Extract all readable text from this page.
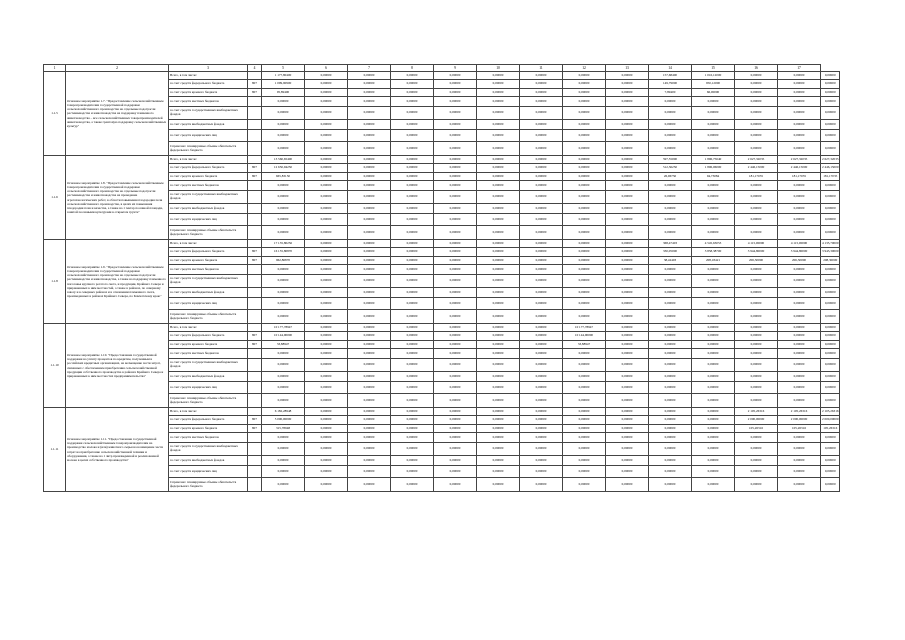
1	2	3	4	5	6	7	8	9	10	11	12	13	14	15	16	17	
1.1.5	Основное мероприятие 1.7. "Предоставление сельскохозяйственным товаропроизводителям государственной поддержки сельскохозяйственного производства на отдельные подотрасли растениеводства и животноводства на поддержку племенного животноводства – все сельскохозяйственных товаропроизводителей животноводства, а также грантовую поддержку сельскохозяйственных культур"	Всего, в том числе:		1 177,80400	0,00000	0,00000	0,00000	0,00000	0,00000	0,00000	0,00000	0,00000	157,68400	1 016,12000	0,00000	0,00000	0,00000
		за счет средств федерального бюджета	807	1 099,90900	0,00000	0,00000	0,00000	0,00000	0,00000	0,00000	0,00000	0,00000	149,79000	950,12000	0,00000	0,00000	0,00000
		за счет средств краевого бюджета	807	95,89400	0,00000	0,00000	0,00000	0,00000	0,00000	0,00000	0,00000	0,00000	7,89400	66,00000	0,00000	0,00000	0,00000
		за счет средств местных бюджетов		0,00000	0,00000	0,00000	0,00000	0,00000	0,00000	0,00000	0,00000	0,00000	0,00000	0,00000	0,00000	0,00000	0,00000
		за счет средств государственных внебюджетных фондов		0,00000	0,00000	0,00000	0,00000	0,00000	0,00000	0,00000	0,00000	0,00000	0,00000	0,00000	0,00000	0,00000	0,00000
		за счет средств внебюджетных фондов		0,00000	0,00000	0,00000	0,00000	0,00000	0,00000	0,00000	0,00000	0,00000	0,00000	0,00000	0,00000	0,00000	0,00000
		за счет средств юридических лиц		0,00000	0,00000	0,00000	0,00000	0,00000	0,00000	0,00000	0,00000	0,00000	0,00000	0,00000	0,00000	0,00000	0,00000
		Справочно: планируемые объемы обязательств федерального бюджета		0,00000	0,00000	0,00000	0,00000	0,00000	0,00000	0,00000	0,00000	0,00000	0,00000	0,00000	0,00000	0,00000	0,00000
1.1.6	Основное мероприятие 1.8. "Предоставление сельскохозяйственным товаропроизводителям государственной поддержки сельскохозяйственного производства на отдельные подотрасли растениеводства и животноводства на проведение агротехнологических работ, в области повышения плодородия почв сельскохозяйственного производства, в целях их повышения плодородия почв и качества, а также на 1 гектар посевной площади, занятой посевными культурами в открытом грунте"	Всего, в том числе:		13 560,65400	0,00000	0,00000	0,00000	0,00000	0,00000	0,00000	0,00000	0,00000	597,55000	1 896,75640	2 627,32035	2 627,32035	2 627,32035
		за счет средств федерального бюджета	807	12 650,94250	0,00000	0,00000	0,00000	0,00000	0,00000	0,00000	0,00000	0,00000	512,36250	1 806,06000	2 446,15000	2 446,15000	2 446,15000
		за счет средств краевого бюджета	807	665,83150	0,00000	0,00000	0,00000	0,00000	0,00000	0,00000	0,00000	0,00000	26,96750	94,73084	181,17035	181,17035	181,17035
		за счет средств местных бюджетов		0,00000	0,00000	0,00000	0,00000	0,00000	0,00000	0,00000	0,00000	0,00000	0,00000	0,00000	0,00000	0,00000	0,00000
		за счет средств государственных внебюджетных фондов		0,00000	0,00000	0,00000	0,00000	0,00000	0,00000	0,00000	0,00000	0,00000	0,00000	0,00000	0,00000	0,00000	0,00000
		за счет средств внебюджетных фондов		0,00000	0,00000	0,00000	0,00000	0,00000	0,00000	0,00000	0,00000	0,00000	0,00000	0,00000	0,00000	0,00000	0,00000
		за счет средств юридических лиц		0,00000	0,00000	0,00000	0,00000	0,00000	0,00000	0,00000	0,00000	0,00000	0,00000	0,00000	0,00000	0,00000	0,00000
		Справочно: планируемые объемы обязательств федерального бюджета		0,00000	0,00000	0,00000	0,00000	0,00000	0,00000	0,00000	0,00000	0,00000	0,00000	0,00000	0,00000	0,00000	0,00000
1.1.8	Основное мероприятие 1.9. "Предоставление сельскохозяйственным товаропроизводителям государственной поддержки сельскохозяйственного производства на отдельные подотрасли растениеводства и животноводства, а также на поддержку племенного поголовья крупного рогатого скота, и продукции, Крайнего Севера и приравненных к ним местностей, а также в районах, по северному завозу и в северных районах и в отношении племенного скота, произведенных в районах Крайнего Севера, по Камчатскому краю"	Всего, в том числе:		17 135,80256	0,00000	0,00000	0,00000	0,00000	0,00000	0,00000	0,00000	0,00000	368,47403	4 545,63053	4 115,00000	4 115,00000	4 135,70000
		за счет средств федерального бюджета	807	16 155,80870	0,00000	0,00000	0,00000	0,00000	0,00000	0,00000	0,00000	0,00000	330,05000	3 858,38700	3 944,80000	3 944,80000	3 943,30000
		за счет средств краевого бюджета	807	962,86870	0,00000	0,00000	0,00000	0,00000	0,00000	0,00000	0,00000	0,00000	38,42403	208,18421	206,30000	206,30000	208,30000
		за счет средств местных бюджетов		0,00000	0,00000	0,00000	0,00000	0,00000	0,00000	0,00000	0,00000	0,00000	0,00000	0,00000	0,00000	0,00000	0,00000
		за счет средств государственных внебюджетных фондов		0,00000	0,00000	0,00000	0,00000	0,00000	0,00000	0,00000	0,00000	0,00000	0,00000	0,00000	0,00000	0,00000	0,00000
		за счет средств внебюджетных фондов		0,00000	0,00000	0,00000	0,00000	0,00000	0,00000	0,00000	0,00000	0,00000	0,00000	0,00000	0,00000	0,00000	0,00000
		за счет средств юридических лиц		0,00000	0,00000	0,00000	0,00000	0,00000	0,00000	0,00000	0,00000	0,00000	0,00000	0,00000	0,00000	0,00000	0,00000
		Справочно: планируемые объемы обязательств федерального бюджета		0,00000	0,00000	0,00000	0,00000	0,00000	0,00000	0,00000	0,00000	0,00000	0,00000	0,00000	0,00000	0,00000	0,00000
1.1.10	Основное мероприятие 1.10. "Предоставление государственной поддержки на уплату процентов по кредитам, полученным в российских кредитных организациях, на возмещение части затрат, связанных с обеспечением приобретения сельскохозяйственной продукции собственного производства в районах Крайнего Севера и приравненных к ним местностях предпринимательства"	Всего, в том числе:		10 177,78947	0,00000	0,00000	0,00000	0,00000	0,00000	0,00000	10 177,78947	0,00000	0,00000	0,00000	0,00000	0,00000	0,00000
		за счет средств федерального бюджета	807	10 144,90000	0,00000	0,00000	0,00000	0,00000	0,00000	0,00000	10 144,90000	0,00000	0,00000	0,00000	0,00000	0,00000	0,00000
		за счет средств краевого бюджета	807	33,88947	0,00000	0,00000	0,00000	0,00000	0,00000	0,00000	33,88947	0,00000	0,00000	0,00000	0,00000	0,00000	0,00000
		за счет средств местных бюджетов		0,00000	0,00000	0,00000	0,00000	0,00000	0,00000	0,00000	0,00000	0,00000	0,00000	0,00000	0,00000	0,00000	0,00000
		за счет средств государственных внебюджетных фондов		0,00000	0,00000	0,00000	0,00000	0,00000	0,00000	0,00000	0,00000	0,00000	0,00000	0,00000	0,00000	0,00000	0,00000
		за счет средств внебюджетных фондов		0,00000	0,00000	0,00000	0,00000	0,00000	0,00000	0,00000	0,00000	0,00000	0,00000	0,00000	0,00000	0,00000	0,00000
		за счет средств юридических лиц		0,00000	0,00000	0,00000	0,00000	0,00000	0,00000	0,00000	0,00000	0,00000	0,00000	0,00000	0,00000	0,00000	0,00000
		Справочно: планируемые объемы обязательств федерального бюджета		0,00000	0,00000	0,00000	0,00000	0,00000	0,00000	0,00000	0,00000	0,00000	0,00000	0,00000	0,00000	0,00000	0,00000
1.1.11	Основное мероприятие 1.11. "Предоставление государственной поддержки сельскохозяйственным товаропроизводителям на производство молока и (или) животного сырья на возмещение части затрат на приобретение сельскохозяйственной техники и оборудования, а также на 1 литр произведенной и реализованной молока в целях собственного производства"	Всего, в том числе:		6 182,28948	0,00000	0,00000	0,00000	0,00000	0,00000	0,00000	0,00000	0,00000	0,00000	0,00000	2 105,26316	2 105,26316	2 105,26316
		за счет средств федерального бюджета	807	5 000,00000	0,00000	0,00000	0,00000	0,00000	0,00000	0,00000	0,00000	0,00000	0,00000	0,00000	2 000,00000	2 000,00000	2 000,00000
		за счет средств краевого бюджета	807	315,78948	0,00000	0,00000	0,00000	0,00000	0,00000	0,00000	0,00000	0,00000	0,00000	0,00000	105,26316	105,26316	105,26316
		за счет средств местных бюджетов		0,00000	0,00000	0,00000	0,00000	0,00000	0,00000	0,00000	0,00000	0,00000	0,00000	0,00000	0,00000	0,00000	0,00000
		за счет средств государственных внебюджетных фондов		0,00000	0,00000	0,00000	0,00000	0,00000	0,00000	0,00000	0,00000	0,00000	0,00000	0,00000	0,00000	0,00000	0,00000
		за счет средств внебюджетных фондов		0,00000	0,00000	0,00000	0,00000	0,00000	0,00000	0,00000	0,00000	0,00000	0,00000	0,00000	0,00000	0,00000	0,00000
		за счет средств юридических лиц		0,00000	0,00000	0,00000	0,00000	0,00000	0,00000	0,00000	0,00000	0,00000	0,00000	0,00000	0,00000	0,00000	0,00000
		Справочно: планируемые объемы обязательств федерального бюджета		0,00000	0,00000	0,00000	0,00000	0,00000	0,00000	0,00000	0,00000	0,00000	0,00000	0,00000	0,00000	0,00000	0,00000
